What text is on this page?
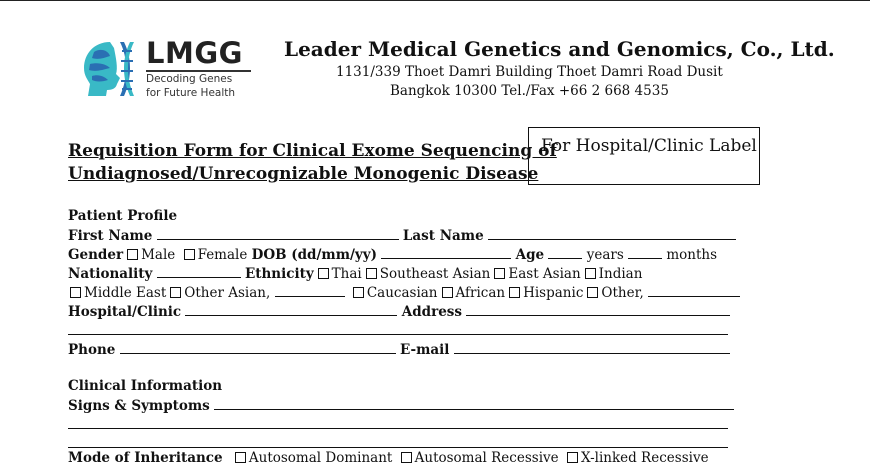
LMGG
Decoding Genes
for Future Health
Leader Medical Genetics and Genomics, Co., Ltd.
1131/339 Thoet Damri Building Thoet Damri Road Dusit
Bangkok 10300 Tel./Fax +66 2 668 4535
Requisition Form for Clinical Exome Sequencing of
Undiagnosed/Unrecognizable Monogenic Disease
For Hospital/Clinic Label
Patient Profile
First Name	Last Name
Gender Male Female DOB (dd/mm/yy)	Age	years	months
Nationality	Ethnicity Thai Southeast Asian East Asian Indian
Middle East Other Asian,	Caucasian African Hispanic Other,
Hospital/Clinic	Address
Phone	E-mail
Clinical Information
Signs & Symptoms
Mode of Inheritance Autosomal Dominant Autosomal Recessive X-linked Recessive
